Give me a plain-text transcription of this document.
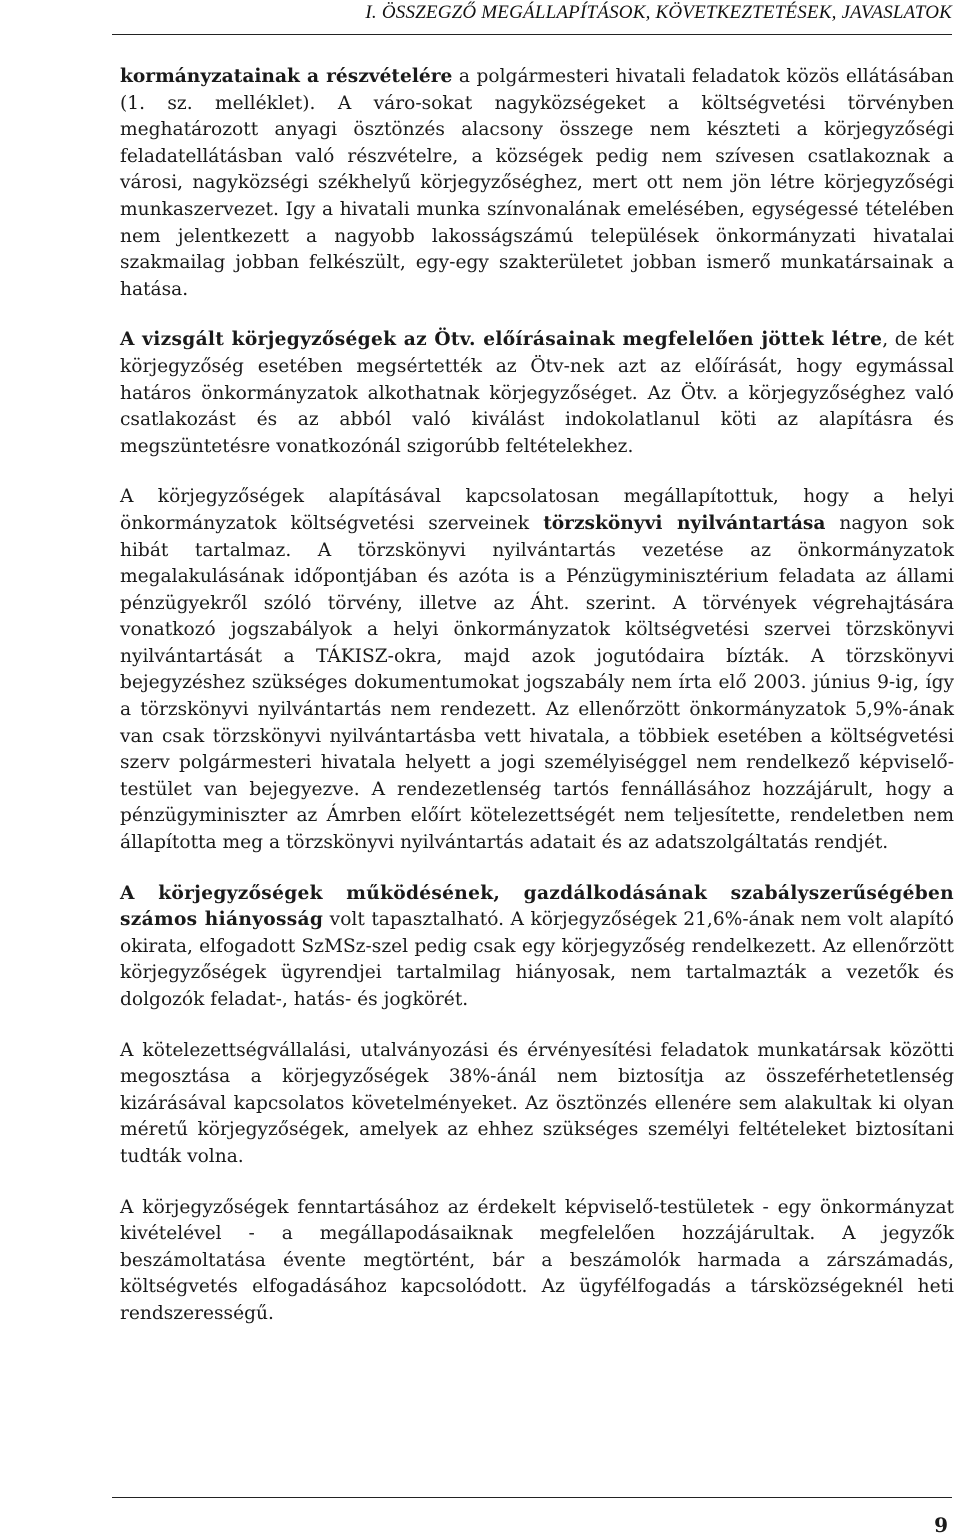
I. ÖSSZEGZŐ MEGÁLLAPÍTÁSOK, KÖVETKEZTETÉSEK, JAVASLATOK

kormányzatainak a részvételére a polgármesteri hivatali feladatok közös ellátásában (1. sz. melléklet). A váro-sokat nagyközségeket a költségvetési törvényben meghatározott anyagi ösztönzés alacsony összege nem készteti a körjegyzőségi feladatellátásban való részvételre, a községek pedig nem szívesen csatlakoznak a városi, nagyközségi székhelyű körjegyzőséghez, mert ott nem jön létre körjegyzőségi munkaszervezet. Igy a hivatali munka színvonalának emelésében, egységessé tételében nem jelentkezett a nagyobb lakosságszámú települések önkormányzati hivatalai szakmailag jobban felkészült, egy-egy szakterületet jobban ismerő munkatársainak a hatása.

A vizsgált körjegyzőségek az Ötv. előírásainak megfelelően jöttek létre, de két körjegyzőség esetében megsértették az Ötv-nek azt az előírását, hogy egymással határos önkormányzatok alkothatnak körjegyzőséget. Az Ötv. a körjegyzőséghez való csatlakozást és az abból való kiválást indokolatlanul köti az alapításra és megszüntetésre vonatkozónál szigorúbb feltételekhez.

A körjegyzőségek alapításával kapcsolatosan megállapítottuk, hogy a helyi önkormányzatok költségvetési szerveinek törzskönyvi nyilvántartása nagyon sok hibát tartalmaz. A törzskönyvi nyilvántartás vezetése az önkormányzatok megalakulásának időpontjában és azóta is a Pénzügyminisztérium feladata az állami pénzügyekről szóló törvény, illetve az Áht. szerint. A törvények végrehajtására vonatkozó jogszabályok a helyi önkormányzatok költségvetési szervei törzskönyvi nyilvántartását a TÁKISZ-okra, majd azok jogutódaira bízták. A törzskönyvi bejegyzéshez szükséges dokumentumokat jogszabály nem írta elő 2003. június 9-ig, így a törzskönyvi nyilvántartás nem rendezett. Az ellenőrzött önkormányzatok 5,9%-ának van csak törzskönyvi nyilvántartásba vett hivatala, a többiek esetében a költségvetési szerv polgármesteri hivatala helyett a jogi személyiséggel nem rendelkező képviselő-testület van bejegyezve. A rendezetlenség tartós fennállásához hozzájárult, hogy a pénzügyminiszter az Ámrben előírt kötelezettségét nem teljesítette, rendeletben nem állapította meg a törzskönyvi nyilvántartás adatait és az adatszolgáltatás rendjét.

A körjegyzőségek működésének, gazdálkodásának szabályszerűségében számos hiányosság volt tapasztalható. A körjegyzőségek 21,6%-ának nem volt alapító okirata, elfogadott SzMSz-szel pedig csak egy körjegyzőség rendelkezett. Az ellenőrzött körjegyzőségek ügyrendjei tartalmilag hiányosak, nem tartalmazták a vezetők és dolgozók feladat-, hatás- és jogkörét.

A kötelezettségvállalási, utalványozási és érvényesítési feladatok munkatársak közötti megosztása a körjegyzőségek 38%-ánál nem biztosítja az összeférhetetlenség kizárásával kapcsolatos követelményeket. Az ösztönzés ellenére sem alakultak ki olyan méretű körjegyzőségek, amelyek az ehhez szükséges személyi feltételeket biztosítani tudták volna.

A körjegyzőségek fenntartásához az érdekelt képviselő-testületek - egy önkormányzat kivételével - a megállapodásaiknak megfelelően hozzájárultak. A jegyzők beszámoltatása évente megtörtént, bár a beszámolók harmada a zárszámadás, költségvetés elfogadásához kapcsolódott. Az ügyfélfogadás a társközségeknél heti rendszerességű.

9
